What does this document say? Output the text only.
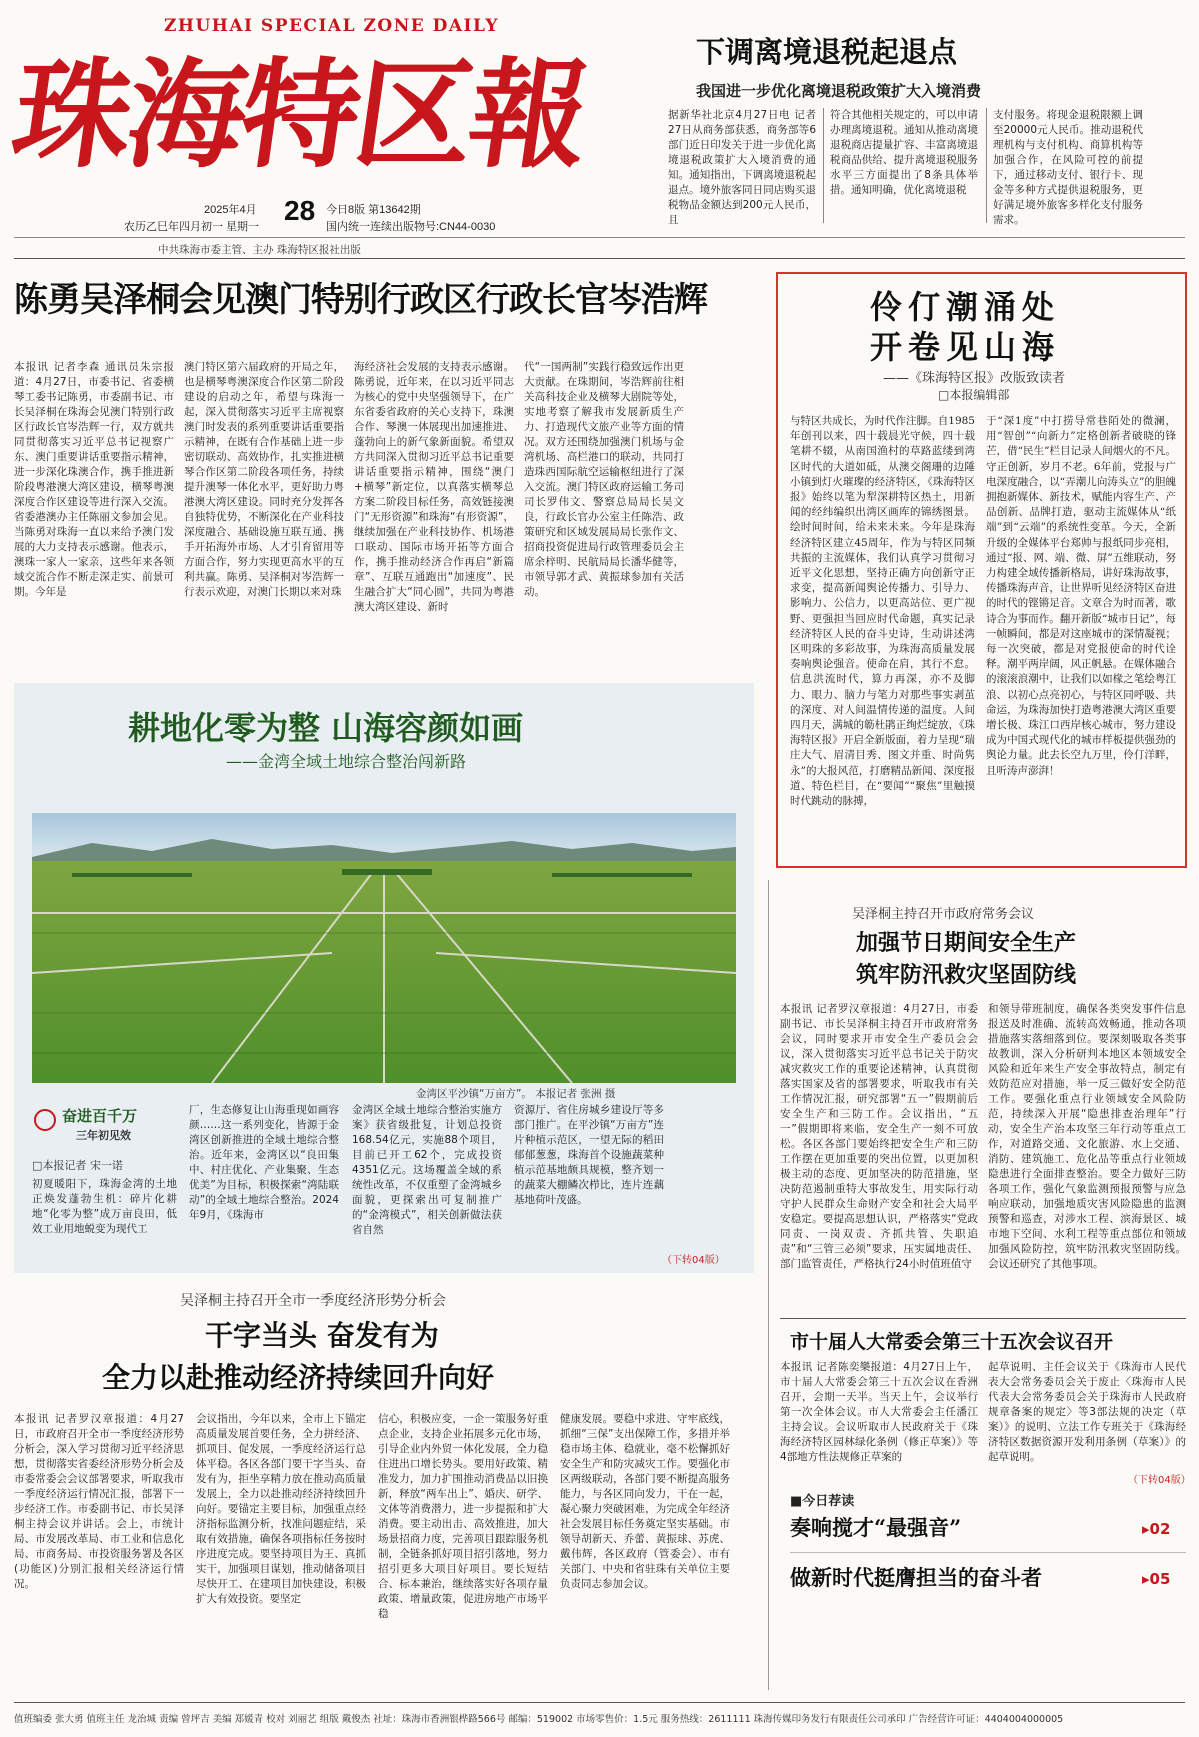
ZHUHAI SPECIAL ZONE DAILY
珠海特区報
2025年4月
农历乙巳年四月初一 星期一
28 今日8版 第13642期
国内统一连续出版物号:CN44-0030
下调离境退税起退点
我国进一步优化离境退税政策扩大入境消费
据新华社北京4月27日电 记者27日从商务部获悉，商务部等6部门近日印发关于进一步优化离境退税政策扩大入境消费的通知。通知指出，下调离境退税起退点。境外旅客同日同店购买退税物品金额达到200元人民币，且
符合其他相关规定的，可以申请办理离境退税。通知从推动离境退税商店提量扩容、丰富离境退税商品供给、提升离境退税服务水平三方面提出了8条具体举措。通知明确，优化离境退税
支付服务。将现金退税限额上调至20000元人民币。推动退税代理机构与支付机构、商算机构等加强合作，在风险可控的前提下，通过移动支付、银行卡、现金等多种方式提供退税服务，更好满足境外旅客多样化支付服务需求。
中共珠海市委主管、主办 珠海特区报社出版
陈勇吴泽桐会见澳门特别行政区行政长官岑浩辉
本报讯 记者李森 通讯员朱宗报道：4月27日，市委书记、省委横琴工委书记陈勇，市委副书记、市长吴泽桐在珠海会见澳门特别行政区行政长官岑浩辉一行，双方就共同贯彻落实习近平总书记视察广东、澳门重要讲话重要指示精神，进一步深化珠澳合作，携手推进新阶段粤港澳大湾区建设，横琴粤澳深度合作区建设等进行深入交流。省委港澳办主任陈丽文参加会见。当陈勇对珠海一直以来给予澳门发展的大力支持表示感谢。他表示，澳珠一家人一家亲，这些年来各领域交流合作不断走深走实、前景可期。今年是
澳门特区第六届政府的开局之年，也是横琴粤澳深度合作区第二阶段建设的启动之年，希望与珠海一起，深入贯彻落实习近平主席视察澳门时发表的系列重要讲话重要指示精神，在既有合作基础上进一步密切联动、高效协作，扎实推进横琴合作区第二阶段各项任务，持续提升澳琴一体化水平，更好助力粤港澳大湾区建设。同时充分发挥各自独特优势，不断深化在产业科技深度融合、基础设施互联互通、携手开拓海外市场、人才引育留用等方面合作，努力实现更高水平的互利共赢。陈勇、吴泽桐对岑浩辉一行表示欢迎，对澳门长期以来对珠
海经济社会发展的支持表示感谢。陈勇说，近年来，在以习近平同志为核心的党中央坚强领导下，在广东省委省政府的关心支持下，珠澳合作、琴澳一体展现出加速推进、蓬勃向上的新气象新面貌。希望双方共同深入贯彻习近平总书记重要讲话重要指示精神，围绕“澳门+横琴”新定位，以真落实横琴总方案二阶段目标任务，高效链接澳门“无形资源”和珠海“有形资源”，继续加强在产业科技协作、机场港口联动、国际市场开拓等方面合作，携手推动经济合作再启“新篇章”、互联互通跑出“加速度”、民生融合扩大“同心圆”，共同为粤港澳大湾区建设、新时
代“一国两制”实践行稳致远作出更大贡献。在珠期间，岑浩辉前往相关高科技企业及横琴大剧院等处，实地考察了解我市发展新质生产力、打造现代文旅产业等方面的情况。双方还围绕加强澳门机场与金湾机场、高栏港口的联动，共同打造珠西国际航空运输枢纽进行了深入交流。澳门特区政府运输工务司司长罗伟文、警察总局局长吴文良，行政长官办公室主任陈浩、政策研究和区域发展局局长张作文、招商投资促进局行政管理委员会主席余梓明、民航局局长潘华健等，市领导郭才武、黄振球参加有关活动。
伶仃潮涌处
开卷见山海
——《珠海特区报》改版致读者
□本报编辑部
与特区共成长，为时代作注脚。自1985年创刊以来，四十载晨光守候，四十载笔耕不辍，从南国渔村的草路蓝缕到湾区时代的大道如砥，从澳交阁珊的边陲小镇到灯火璀璨的经济特区，《珠海特区报》始终以笔为犁深耕特区热土，用新闻的经纬编织出湾区画库的锦绣图景。绘时间时间，给未来未来。今年是珠海经济特区建立45周年，作为与特区同频共振的主流媒体，我们认真学习贯彻习近平文化思想，坚持正确方向创新守正求变，提高新闻舆论传播力、引导力、影响力、公信力，以更高站位、更广视野、更强担当回应时代命题，真实记录经济特区人民的奋斗史诗，生动讲述湾区明珠的多彩故事，为珠海高质量发展奏响舆论强音。使命在肩，其行不怠。信息洪流时代，算力再深，亦不及脚力、眼力、脑力与笔力对那些事实剥茧的深度、对人间温情传递的温度。人间四月天，满城的簕杜鹃正绚烂绽放，《珠海特区报》开启全新版面，着力呈现“瑞庄大气、眉清目秀、图文并重、时尚隽永”的大报风范，打磨精品新闻、深度报道、特色栏目，在“要闻”“聚焦”里触摸时代跳动的脉搏，
于“深1度”中打捞导常巷陌处的微澜，用“智创”“向新力”定格创新者破晓的锋芒，借“民生”栏目记录人间烟火的不凡。守正创新，岁月不老。6年前，党报与广电深度融合，以“弄潮儿向涛头立”的胆魄拥抱新媒体、新技术，赋能内容生产、产品创新、品牌打造，驱动主流媒体从“纸端”到“云端”的系统性变革。今天，全新升级的全媒体平台郑帅与报纸同步亮相，通过“报、网、端、微、屏”五维联动，努力构建全域传播新格局，讲好珠海故事，传播珠海声音，让世界听见经济特区奋进的时代的铿锵足音。文章合为时而著，歌诗合为事而作。翻开新版“城市日记”，每一帧瞬间，都是对这座城市的深情凝视；每一次突破，都是对党报使命的时代诠释。潮平两岸阔，风正帆悬。在媒体融合的滚滚浪潮中，让我们以如椽之笔绘粤江浪、以初心点亮初心，与特区同呼吸、共命运，为珠海加快打造粤港澳大湾区重要增长极、珠江口西岸核心城市，努力建设成为中国式现代化的城市样板提供强劲的舆论力量。此去长空九万里，伶仃洋畔，且听涛声澎湃！
耕地化零为整 山海容颜如画
——金湾全域土地综合整治闯新路
金湾区平沙镇“万亩方”。 本报记者 张洲 摄
奋进百千万
三年初见效
□本报记者 宋一诺
初夏暖阳下，珠海金湾的土地正焕发蓬勃生机：碎片化耕地“化零为整”成万亩良田，低效工业用地蜕变为现代工
厂，生态修复让山海重现如画容颜……这一系列变化，皆源于金湾区创新推进的全域土地综合整治。近年来，金湾区以“良田集中、村庄优化、产业集聚、生态优美”为目标，积极探索“湾陆联动”的全域土地综合整治。2024年9月，《珠海市
金湾区全域土地综合整治实施方案》获省级批复，计划总投资168.54亿元，实施88个项目，目前已开工62个，完成投资4351亿元。这场覆盖全域的系统性改革，不仅重塑了金湾城乡面貌，更探索出可复制推广的“金湾模式”，相关创新做法获省自然
资源厅、省住房城乡建设厅等多部门推广。在平沙镇“万亩方”连片种植示范区，一望无际的稻田郁郁葱葱，珠海首个设施蔬菜种植示范基地颇具规模，整齐划一的蔬菜大棚鳞次栉比，连片连藕基地荷叶茂盛。
（下转04版）
吴泽桐主持召开市政府常务会议
加强节日期间安全生产
筑牢防汛救灾坚固防线
本报讯 记者罗汉章报道：4月27日，市委副书记、市长吴泽桐主持召开市政府常务会议，同时要求开市安全生产委员会会议，深入贯彻落实习近平总书记关于防灾减灾救灾工作的重要论述精神，认真贯彻落实国家及省的部署要求，听取我市有关工作情况汇报，研究部署“五一”假期前后安全生产和三防工作。会议指出，“五一”假期即将来临，安全生产一刻不可放松。各区各部门要始终把安全生产和三防工作摆在更加重要的突出位置，以更加积极主动的态度、更加坚决的防范措施，坚决防范遏制重特大事故发生，用实际行动守护人民群众生命财产安全和社会大局平安稳定。要提高思想认识，严格落实“党政同责、一岗双责、齐抓共管、失职追责”和“三管三必须”要求，压实属地责任、部门监管责任，严格执行24小时值班值守
和领导带班制度，确保各类突发事件信息报送及时准确、流转高效畅通，推动各项措施落实落细落到位。要深刻吸取各类事故教训，深入分析研判本地区本领域安全风险和近年来生产安全事故特点，制定有效防范应对措施，举一反三做好安全防范工作。要强化重点行业领域安全风险防范，持续深入开展“隐患排查治理年”行动，安全生产治本攻坚三年行动等重点工作，对道路交通、文化旅游、水上交通、消防、建筑施工、危化品等重点行业领域隐患进行全面排查整治。要全力做好三防各项工作，强化气象监测预报预警与应急响应联动，加强地质灾害风险隐患的监测预警和巡查，对涉水工程、滨海景区、城市地下空间、水利工程等重点部位和领域加强风险防控，筑牢防汛救灾坚固防线。会议还研究了其他事项。
市十届人大常委会第三十五次会议召开
本报讯 记者陈奕樂报道：4月27日上午，市十届人大常委会第三十五次会议在香洲召开，会期一天半。当天上午，会议举行第一次全体会议。市人大常委会主任潘江主持会议。会议听取市人民政府关于《珠海经济特区园林绿化条例（修正草案）》等4部地方性法规修正草案的
起草说明、主任会议关于《珠海市人民代表大会常务委员会关于废止〈珠海市人民代表大会常务委员会关于珠海市人民政府规章备案的规定〉等3部法规的决定（草案）》的说明、立法工作专班关于《珠海经济特区数据资源开发利用条例（草案）》的起草说明。
（下转04版）
■今日荐读
奏响搅才“最强音”	▸02
做新时代挺膺担当的奋斗者	▸05
吴泽桐主持召开全市一季度经济形势分析会
干字当头 奋发有为
全力以赴推动经济持续回升向好
本报讯 记者罗汉章报道：4月27日，市政府召开全市一季度经济形势分析会，深入学习贯彻习近平经济思想，贯彻落实省委经济形势分析会及市委常委会会议部署要求，听取我市一季度经济运行情况汇报，部署下一步经济工作。市委副书记、市长吴泽桐主持会议并讲话。会上，市统计局、市发展改革局、市工业和信息化局、市商务局、市投资服务署及各区(功能区)分别汇报相关经济运行情况。
会议指出，今年以来，全市上下锚定高质量发展首要任务，全力拼经济、抓项目、促发展，一季度经济运行总体平稳。各区各部门要干字当头、奋发有为，拒坐享精力放在推动高质量发展上，全力以赴推动经济持续回升向好。要锚定主要目标，加强重点经济指标监测分析，找准问题症结，采取有效措施，确保各项指标任务按时序进度完成。要坚持项目为王、真抓实干，加强项目谋划，推动储备项目尽快开工、在建项目加快建设，积极扩大有效投资。要坚定
信心，积极应变，一企一策服务好重点企业，支持企业拓展多元化市场，引导企业内外贸一体化发展，全力稳住进出口增长势头。要用好政策、精准发力，加力扩围推动消费品以旧换新，释放“两车出上”、婚庆、研学、文体等消费潜力，进一步提振和扩大消费。要主动出击、高效推进，加大场景招商力度，完善项目跟踪服务机制，全链条抓好项目招引落地，努力招引更多大项目好项目。要长短结合、标本兼治，继续落实好各项存量政策、增量政策，促进房地产市场平稳
健康发展。要稳中求进、守牢底线，抓细“三保”支出保障工作，多措并举稳市场主体、稳就业，毫不松懈抓好安全生产和防灾减灾工作。要强化市区两级联动，各部门要不断提高服务能力，与各区同向发力，干在一起，凝心聚力突破困难，为完成全年经济社会发展目标任务奠定坚实基础。市领导胡新天、乔蕾、黄振球、苏虎、戴伟辉，各区政府（管委会）、市有关部门、中央和省驻珠有关单位主要负责同志参加会议。
值班编委 张大勇 值班主任 龙治城 责编 曾坪吉 美编 郑媛青 校对 刘丽艺 组版 戴俊杰 社址：珠海市香洲银桦路566号 邮编：519002 市场零售价：1.5元 服务热线：2611111 珠海传媒印务发行有限责任公司承印 广告经营许可证：4404004000005
